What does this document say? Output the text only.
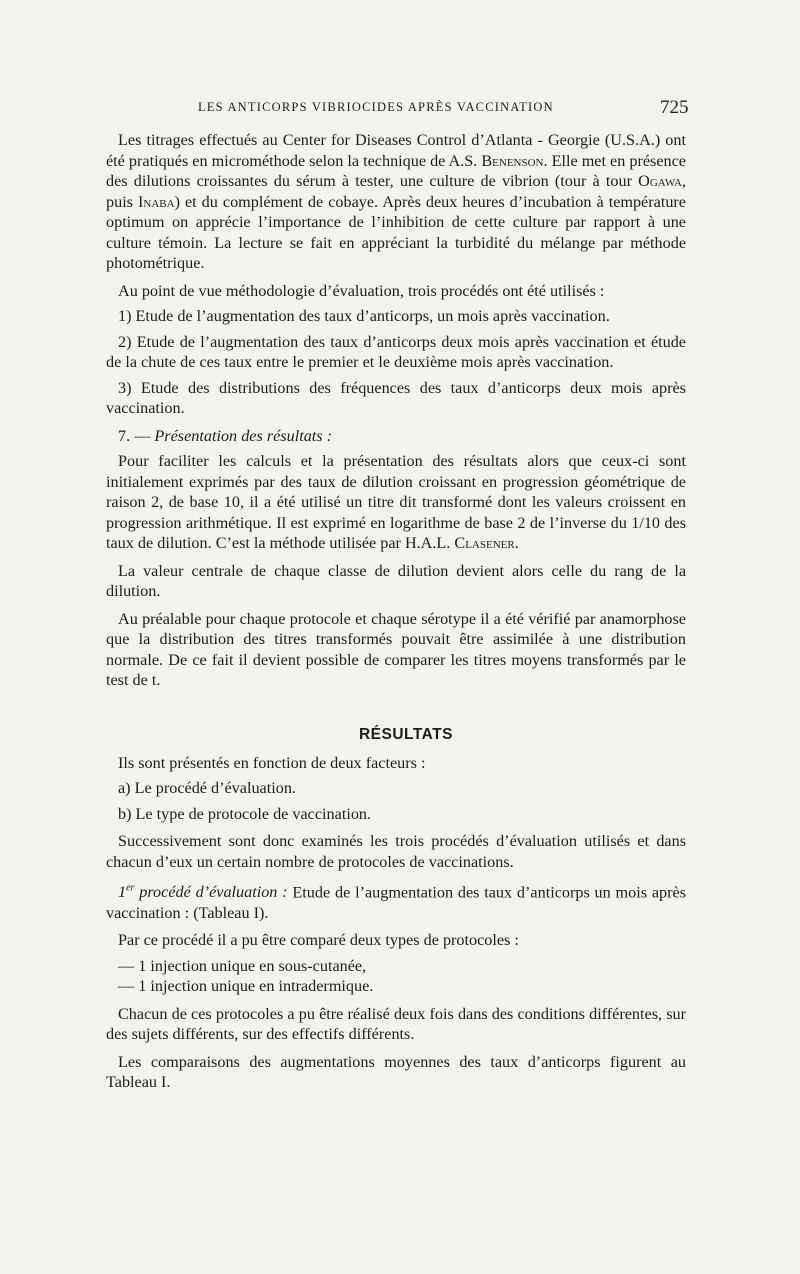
LES ANTICORPS VIBRIOCIDES APRÈS VACCINATION	725

Les titrages effectués au Center for Diseases Control d’Atlanta - Georgie (U.S.A.) ont été pratiqués en microméthode selon la technique de A.S. Benenson. Elle met en présence des dilutions croissantes du sérum à tester, une culture de vibrion (tour à tour Ogawa, puis Inaba) et du complément de cobaye. Après deux heures d’incubation à température optimum on apprécie l’importance de l’inhibition de cette culture par rapport à une culture témoin. La lecture se fait en appréciant la turbidité du mélange par méthode photométrique.

Au point de vue méthodologie d’évaluation, trois procédés ont été utilisés :

1) Etude de l’augmentation des taux d’anticorps, un mois après vaccination.

2) Etude de l’augmentation des taux d’anticorps deux mois après vaccination et étude de la chute de ces taux entre le premier et le deuxième mois après vaccination.

3) Etude des distributions des fréquences des taux d’anticorps deux mois après vaccination.

7. — Présentation des résultats :

Pour faciliter les calculs et la présentation des résultats alors que ceux-ci sont initialement exprimés par des taux de dilution croissant en progression géométrique de raison 2, de base 10, il a été utilisé un titre dit transformé dont les valeurs croissent en progression arithmétique. Il est exprimé en logarithme de base 2 de l’inverse du 1/10 des taux de dilution. C’est la méthode utilisée par H.A.L. Clasener.

La valeur centrale de chaque classe de dilution devient alors celle du rang de la dilution.

Au préalable pour chaque protocole et chaque sérotype il a été vérifié par anamorphose que la distribution des titres transformés pouvait être assimilée à une distribution normale. De ce fait il devient possible de comparer les titres moyens transformés par le test de t.

RÉSULTATS

Ils sont présentés en fonction de deux facteurs :

a) Le procédé d’évaluation.

b) Le type de protocole de vaccination.

Successivement sont donc examinés les trois procédés d’évaluation utilisés et dans chacun d’eux un certain nombre de protocoles de vaccinations.

1er procédé d’évaluation : Etude de l’augmentation des taux d’anticorps un mois après vaccination : (Tableau I).

Par ce procédé il a pu être comparé deux types de protocoles :

— 1 injection unique en sous-cutanée,

— 1 injection unique en intradermique.

Chacun de ces protocoles a pu être réalisé deux fois dans des conditions différentes, sur des sujets différents, sur des effectifs différents.

Les comparaisons des augmentations moyennes des taux d’anticorps figurent au Tableau I.
